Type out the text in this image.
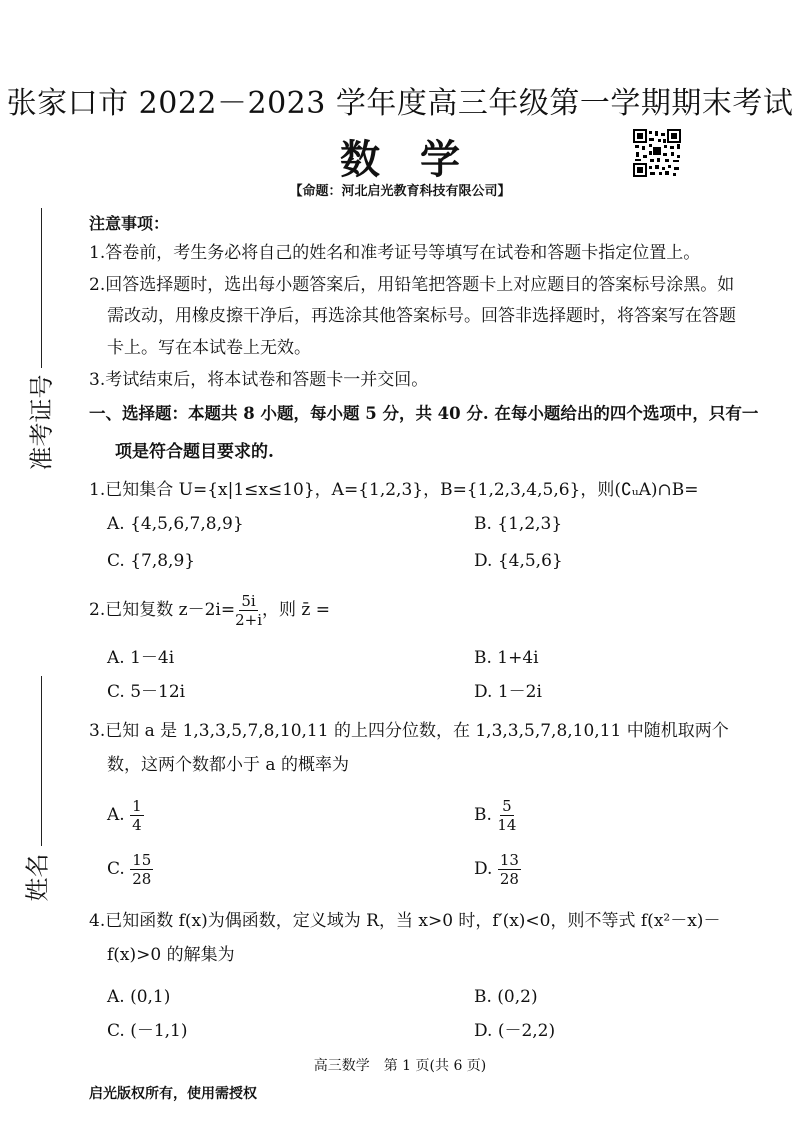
张家口市 2022－2023 学年度高三年级第一学期期末考试
数学
【命题：河北启光教育科技有限公司】
准考证号
姓名
注意事项：
1.答卷前，考生务必将自己的姓名和准考证号等填写在试卷和答题卡指定位置上。
2.回答选择题时，选出每小题答案后，用铅笔把答题卡上对应题目的答案标号涂黑。如
需改动，用橡皮擦干净后，再选涂其他答案标号。回答非选择题时，将答案写在答题
卡上。写在本试卷上无效。
3.考试结束后，将本试卷和答题卡一并交回。
一、选择题：本题共 8 小题，每小题 5 分，共 40 分. 在每小题给出的四个选项中，只有一
项是符合题目要求的.
1.已知集合 U={x|1≤x≤10}，A={1,2,3}，B={1,2,3,4,5,6}，则(∁ᵤA)∩B=
A. {4,5,6,7,8,9}	B. {1,2,3}
C. {7,8,9}	D. {4,5,6}
2.已知复数 $z-2i= \frac{5i}{2+i}$ ，则 z̄ =
A. 1－4i	B. 1+4i
C. 5－12i	D. 1－2i
3.已知 a 是 1,3,3,5,7,8,10,11 的上四分位数，在 1,3,3,5,7,8,10,11 中随机取两个
数，这两个数都小于 a 的概率为
A. $\frac{1}{4}$	B. $\frac{5}{14}$
C. $\frac{15}{28}$	D. $\frac{13}{28}$
4.已知函数 f(x)为偶函数，定义域为 R，当 x>0 时，f′(x)<0，则不等式 f(x²－x)－
f(x)>0 的解集为
A. (0,1)	B. (0,2)
C. (－1,1)	D. (－2,2)
高三数学　第 1 页(共 6 页)
启光版权所有，使用需授权
